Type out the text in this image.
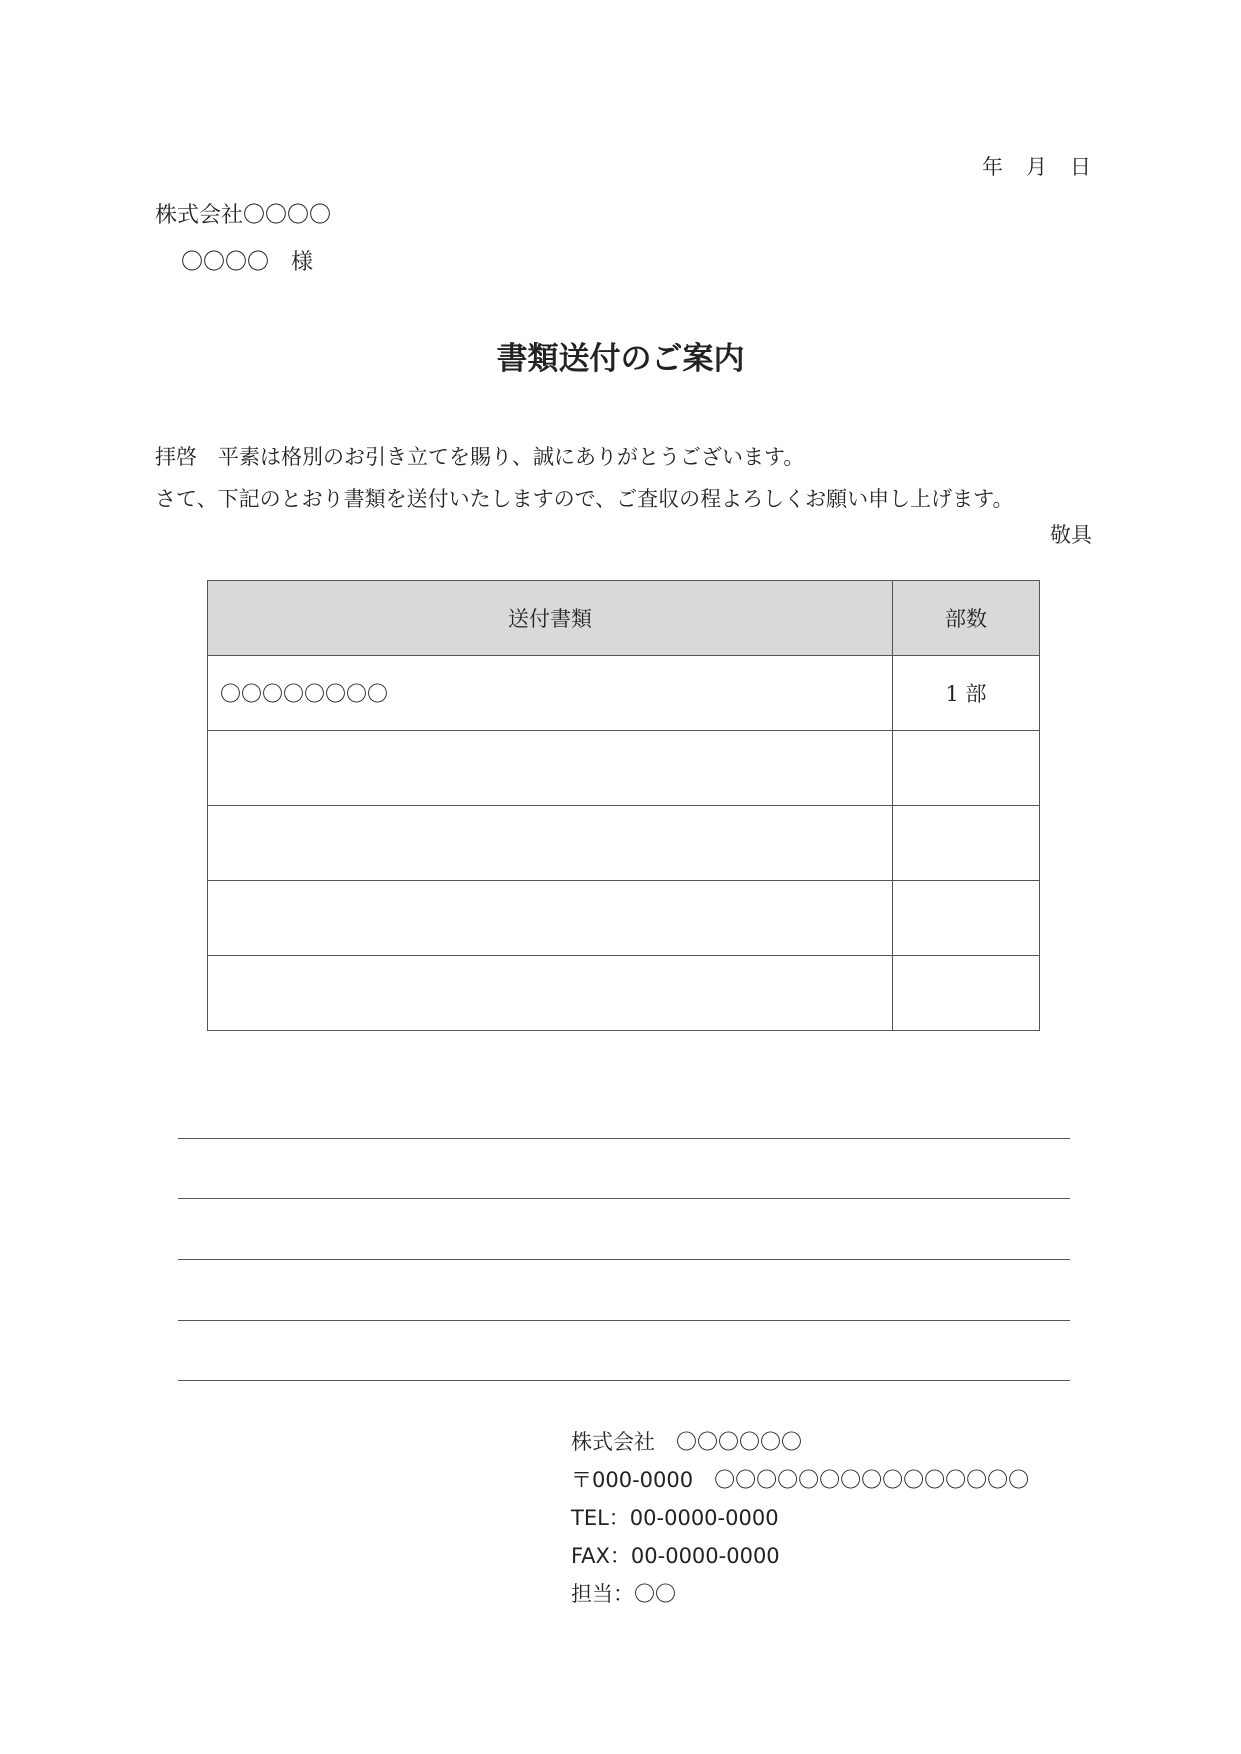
年　月　日
株式会社〇〇〇〇
〇〇〇〇　様
書類送付のご案内
拝啓　平素は格別のお引き立てを賜り、誠にありがとうございます。
さて、下記のとおり書類を送付いたしますので、ご査収の程よろしくお願い申し上げます。
敬具
送付書類	部数
〇〇〇〇〇〇〇〇	1 部

株式会社　〇〇〇〇〇〇
〒000-0000　〇〇〇〇〇〇〇〇〇〇〇〇〇〇〇
TEL：00-0000-0000
FAX：00-0000-0000
担当：〇〇
